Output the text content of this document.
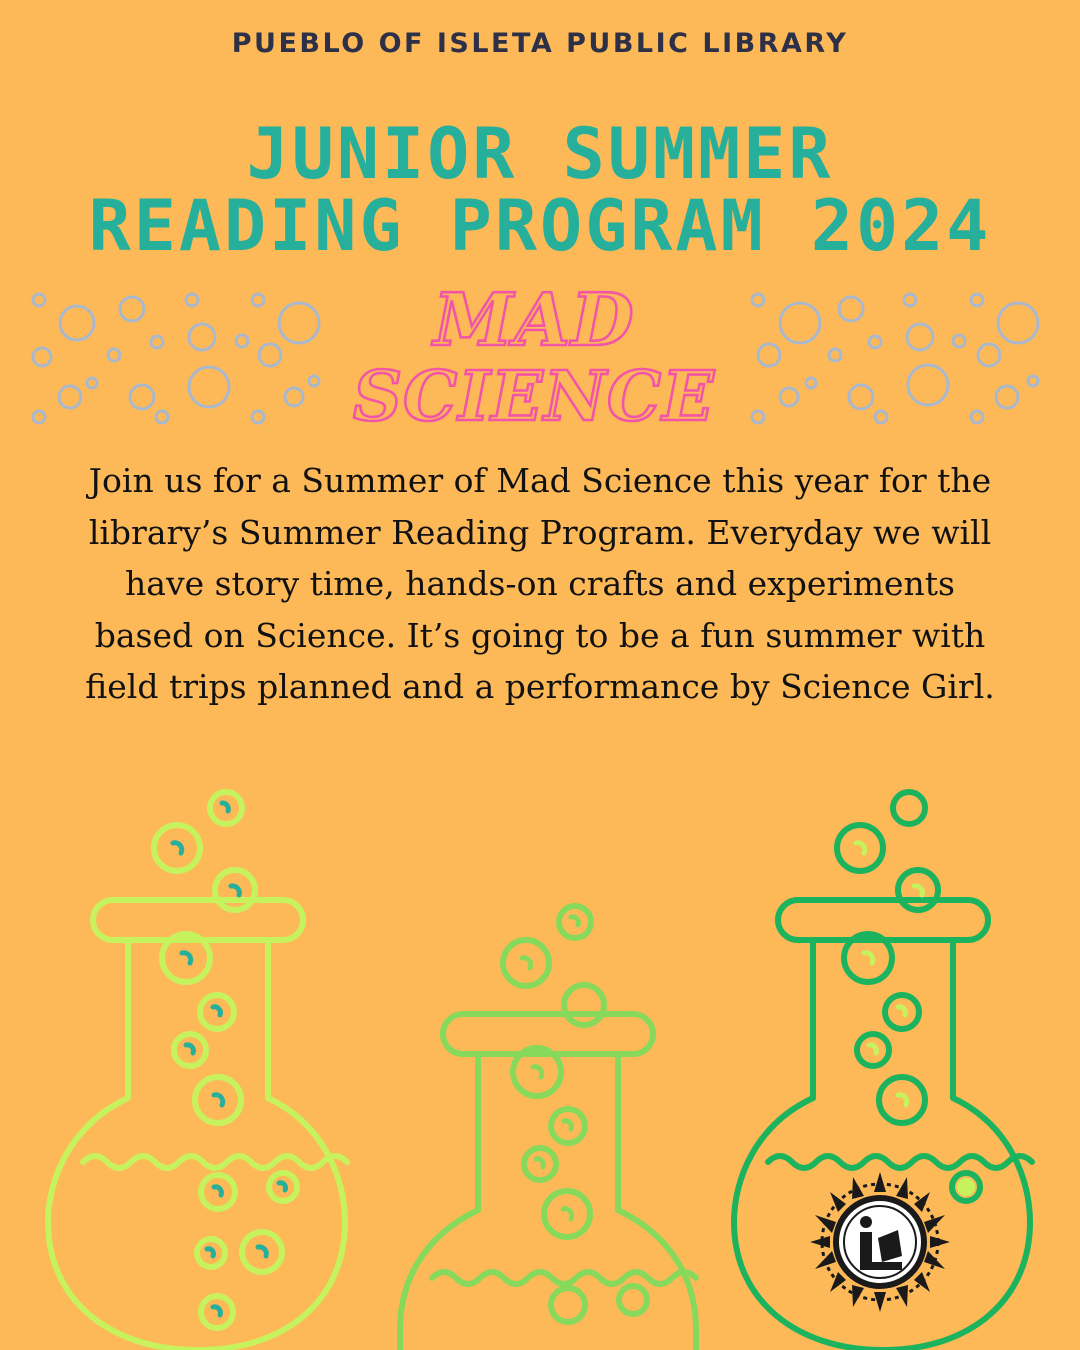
PUEBLO OF ISLETA PUBLIC LIBRARY
JUNIOR SUMMER
READING PROGRAM 2024
MAD
SCIENCE
Join us for a Summer of Mad Science this year for the library’s Summer Reading Program. Everyday we will have story time, hands-on crafts and experiments based on Science. It’s going to be a fun summer with field trips planned and a performance by Science Girl.
